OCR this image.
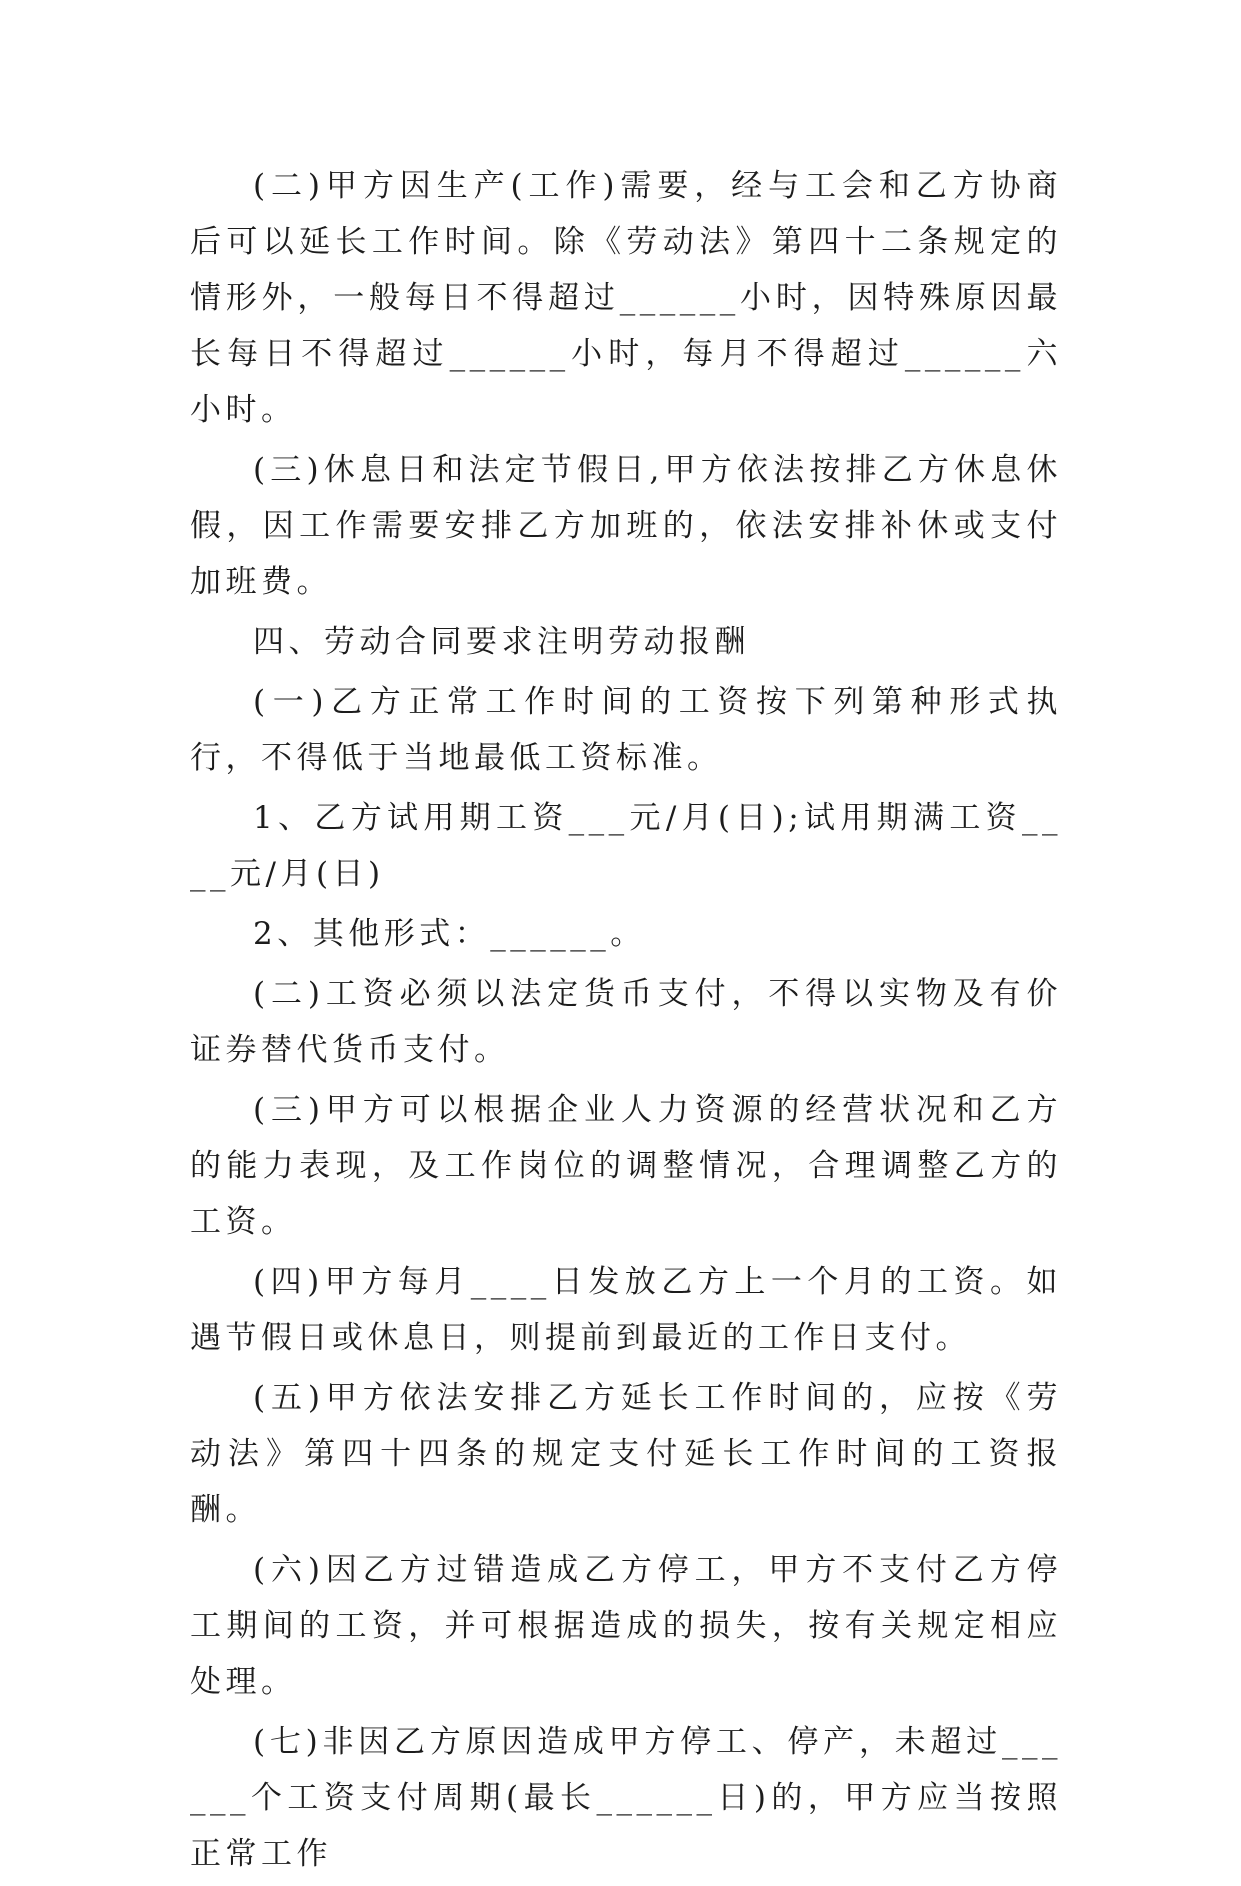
(二)甲方因生产(工作)需要，经与工会和乙方协商后可以延长工作时间。除《劳动法》第四十二条规定的情形外，一般每日不得超过______小时，因特殊原因最长每日不得超过______小时，每月不得超过______六小时。

(三)休息日和法定节假日,甲方依法按排乙方休息休假，因工作需要安排乙方加班的，依法安排补休或支付加班费。

四、劳动合同要求注明劳动报酬

(一)乙方正常工作时间的工资按下列第种形式执行，不得低于当地最低工资标准。

1、乙方试用期工资___元/月(日);试用期满工资____元/月(日)

2、其他形式：______。

(二)工资必须以法定货币支付，不得以实物及有价证券替代货币支付。

(三)甲方可以根据企业人力资源的经营状况和乙方的能力表现，及工作岗位的调整情况，合理调整乙方的工资。

(四)甲方每月____日发放乙方上一个月的工资。如遇节假日或休息日，则提前到最近的工作日支付。

(五)甲方依法安排乙方延长工作时间的，应按《劳动法》第四十四条的规定支付延长工作时间的工资报酬。

(六)因乙方过错造成乙方停工，甲方不支付乙方停工期间的工资，并可根据造成的损失，按有关规定相应处理。

(七)非因乙方原因造成甲方停工、停产，未超过______个工资支付周期(最长______日)的，甲方应当按照正常工作
